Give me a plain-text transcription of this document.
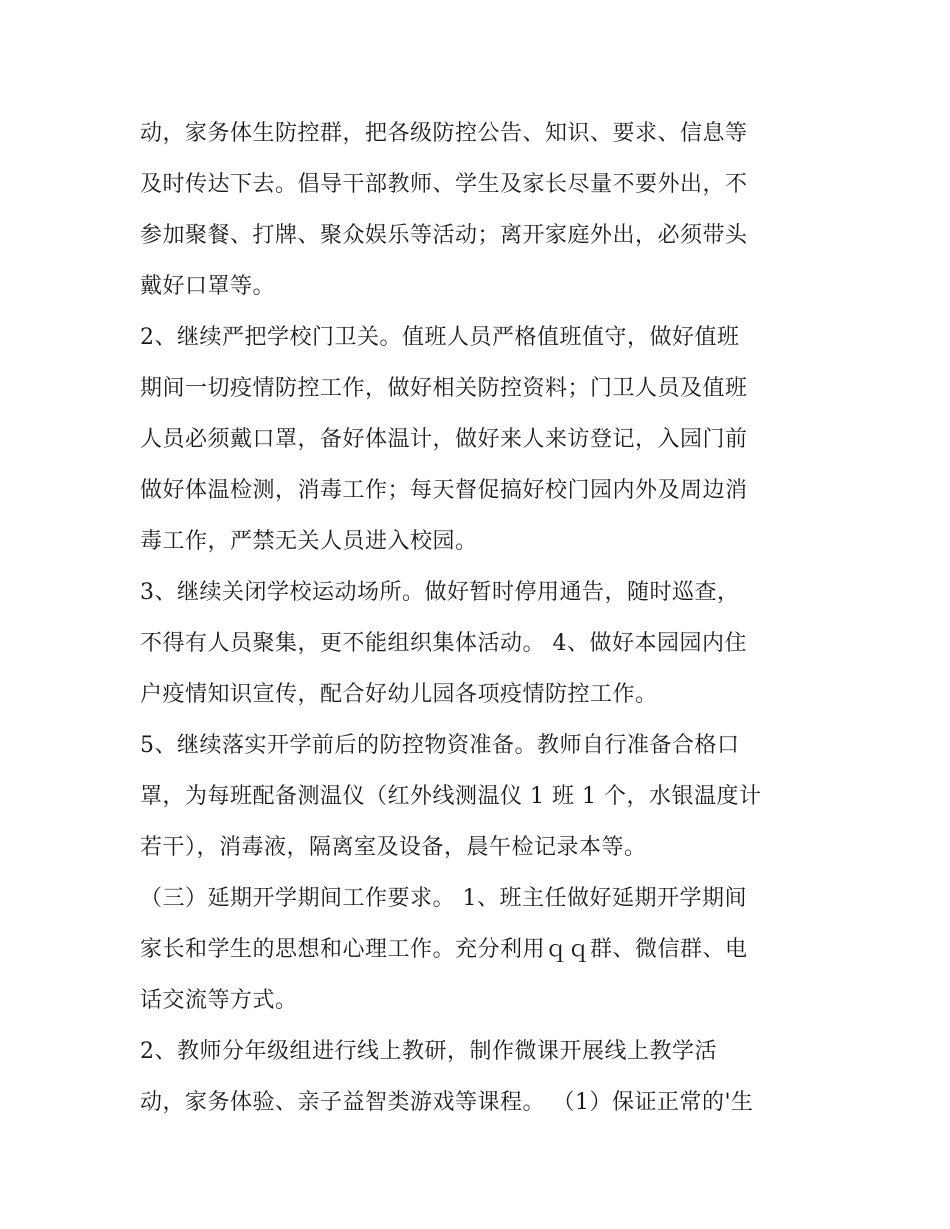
动，家务体生防控群，把各级防控公告、知识、要求、信息等
及时传达下去。倡导干部教师、学生及家长尽量不要外出，不
参加聚餐、打牌、聚众娱乐等活动；离开家庭外出，必须带头
戴好口罩等。
2、继续严把学校门卫关。值班人员严格值班值守，做好值班
期间一切疫情防控工作，做好相关防控资料；门卫人员及值班
人员必须戴口罩，备好体温计，做好来人来访登记，入园门前
做好体温检测，消毒工作；每天督促搞好校门园内外及周边消
毒工作，严禁无关人员进入校园。
3、继续关闭学校运动场所。做好暂时停用通告，随时巡查，
不得有人员聚集，更不能组织集体活动。 4、做好本园园内住
户疫情知识宣传，配合好幼儿园各项疫情防控工作。
5、继续落实开学前后的防控物资准备。教师自行准备合格口
罩，为每班配备测温仪（红外线测温仪 1 班 1 个，水银温度计
若干），消毒液，隔离室及设备，晨午检记录本等。
（三）延期开学期间工作要求。 1、班主任做好延期开学期间
家长和学生的思想和心理工作。充分利用ｑｑ群、微信群、电
话交流等方式。
2、教师分年级组进行线上教研，制作微课开展线上教学活
动，家务体验、亲子益智类游戏等课程。 （1）保证正常的'生
